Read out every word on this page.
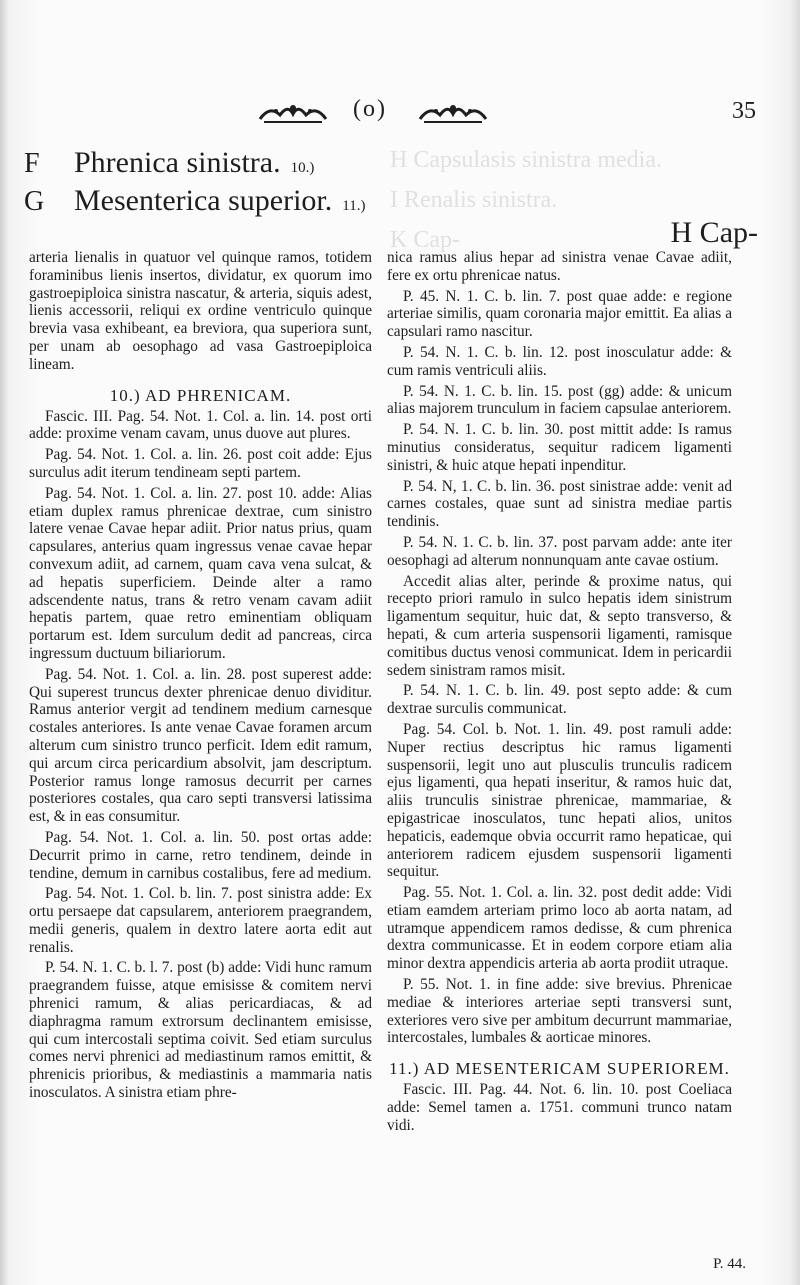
H Capsulasis sinistra media.
I Renalis sinistra.
K Cap-
(o)	35
F	Phrenica sinistra. 10.)
G Mesenterica superior. 11.)
H Cap-

arteria lienalis in quatuor vel quinque ramos, totidem foraminibus lienis insertos, dividatur, ex quorum imo gastroepiploica sinistra nascatur, & arteria, siquis adest, lienis accessorii, reliqui ex ordine ventriculo quinque brevia vasa exhibeant, ea breviora, qua superiora sunt, per unam ab oesophago ad vasa Gastroepiploica lineam.

10.) AD PHRENICAM.

Fascic. III. Pag. 54. Not. 1. Col. a. lin. 14. post orti adde: proxime venam cavam, unus duove aut plures.

Pag. 54. Not. 1. Col. a. lin. 26. post coit adde: Ejus surculus adit iterum tendineam septi partem.

Pag. 54. Not. 1. Col. a. lin. 27. post 10. adde: Alias etiam duplex ramus phrenicae dextrae, cum sinistro latere venae Cavae hepar adiit. Prior natus prius, quam capsulares, anterius quam ingressus venae cavae hepar convexum adiit, ad carnem, quam cava vena sulcat, & ad hepatis superficiem. Deinde alter a ramo adscendente natus, trans & retro venam cavam adiit hepatis partem, quae retro eminentiam obliquam portarum est. Idem surculum dedit ad pancreas, circa ingressum ductuum biliariorum.

Pag. 54. Not. 1. Col. a. lin. 28. post superest adde: Qui superest truncus dexter phrenicae denuo dividitur. Ramus anterior vergit ad tendinem medium carnesque costales anteriores. Is ante venae Cavae foramen arcum alterum cum sinistro trunco perficit. Idem edit ramum, qui arcum circa pericardium absolvit, jam descriptum. Posterior ramus longe ramosus decurrit per carnes posteriores costales, qua caro septi transversi latissima est, & in eas consumitur.

Pag. 54. Not. 1. Col. a. lin. 50. post ortas adde: Decurrit primo in carne, retro tendinem, deinde in tendine, demum in carnibus costalibus, fere ad medium.

Pag. 54. Not. 1. Col. b. lin. 7. post sinistra adde: Ex ortu persaepe dat capsularem, anteriorem praegrandem, medii generis, qualem in dextro latere aorta edit aut renalis.

P. 54. N. 1. C. b. l. 7. post (b) adde: Vidi hunc ramum praegrandem fuisse, atque emisisse & comitem nervi phrenici ramum, & alias pericardiacas, & ad diaphragma ramum extrorsum declinantem emisisse, qui cum intercostali septima coivit. Sed etiam surculus comes nervi phrenici ad mediastinum ramos emittit, & phrenicis prioribus, & mediastinis a mammaria natis inosculatos. A sinistra etiam phre-

nica ramus alius hepar ad sinistra venae Cavae adiit, fere ex ortu phrenicae natus.

P. 45. N. 1. C. b. lin. 7. post quae adde: e regione arteriae similis, quam coronaria major emittit. Ea alias a capsulari ramo nascitur.

P. 54. N. 1. C. b. lin. 12. post inosculatur adde: & cum ramis ventriculi aliis.

P. 54. N. 1. C. b. lin. 15. post (gg) adde: & unicum alias majorem trunculum in faciem capsulae anteriorem.

P. 54. N. 1. C. b. lin. 30. post mittit adde: Is ramus minutius consideratus, sequitur radicem ligamenti sinistri, & huic atque hepati inpenditur.

P. 54. N, 1. C. b. lin. 36. post sinistrae adde: venit ad carnes costales, quae sunt ad sinistra mediae partis tendinis.

P. 54. N. 1. C. b. lin. 37. post parvam adde: ante iter oesophagi ad alterum nonnunquam ante cavae ostium.

Accedit alias alter, perinde & proxime natus, qui recepto priori ramulo in sulco hepatis idem sinistrum ligamentum sequitur, huic dat, & septo transverso, & hepati, & cum arteria suspensorii ligamenti, ramisque comitibus ductus venosi communicat. Idem in pericardii sedem sinistram ramos misit.

P. 54. N. 1. C. b. lin. 49. post septo adde: & cum dextrae surculis communicat.

Pag. 54. Col. b. Not. 1. lin. 49. post ramuli adde: Nuper rectius descriptus hic ramus ligamenti suspensorii, legit uno aut plusculis trunculis radicem ejus ligamenti, qua hepati inseritur, & ramos huic dat, aliis trunculis sinistrae phrenicae, mammariae, & epigastricae inosculatos, tunc hepati alios, unitos hepaticis, eademque obvia occurrit ramo hepaticae, qui anteriorem radicem ejusdem suspensorii ligamenti sequitur.

Pag. 55. Not. 1. Col. a. lin. 32. post dedit adde: Vidi etiam eamdem arteriam primo loco ab aorta natam, ad utramque appendicem ramos dedisse, & cum phrenica dextra communicasse. Et in eodem corpore etiam alia minor dextra appendicis arteria ab aorta prodiit utraque.

P. 55. Not. 1. in fine adde: sive brevius. Phrenicae mediae & interiores arteriae septi transversi sunt, exteriores vero sive per ambitum decurrunt mammariae, intercostales, lumbales & aorticae minores.

11.) AD MESENTERICAM SUPERIOREM.

Fascic. III. Pag. 44. Not. 6. lin. 10. post Coeliaca adde: Semel tamen a. 1751. communi trunco natam vidi.

P. 44.
